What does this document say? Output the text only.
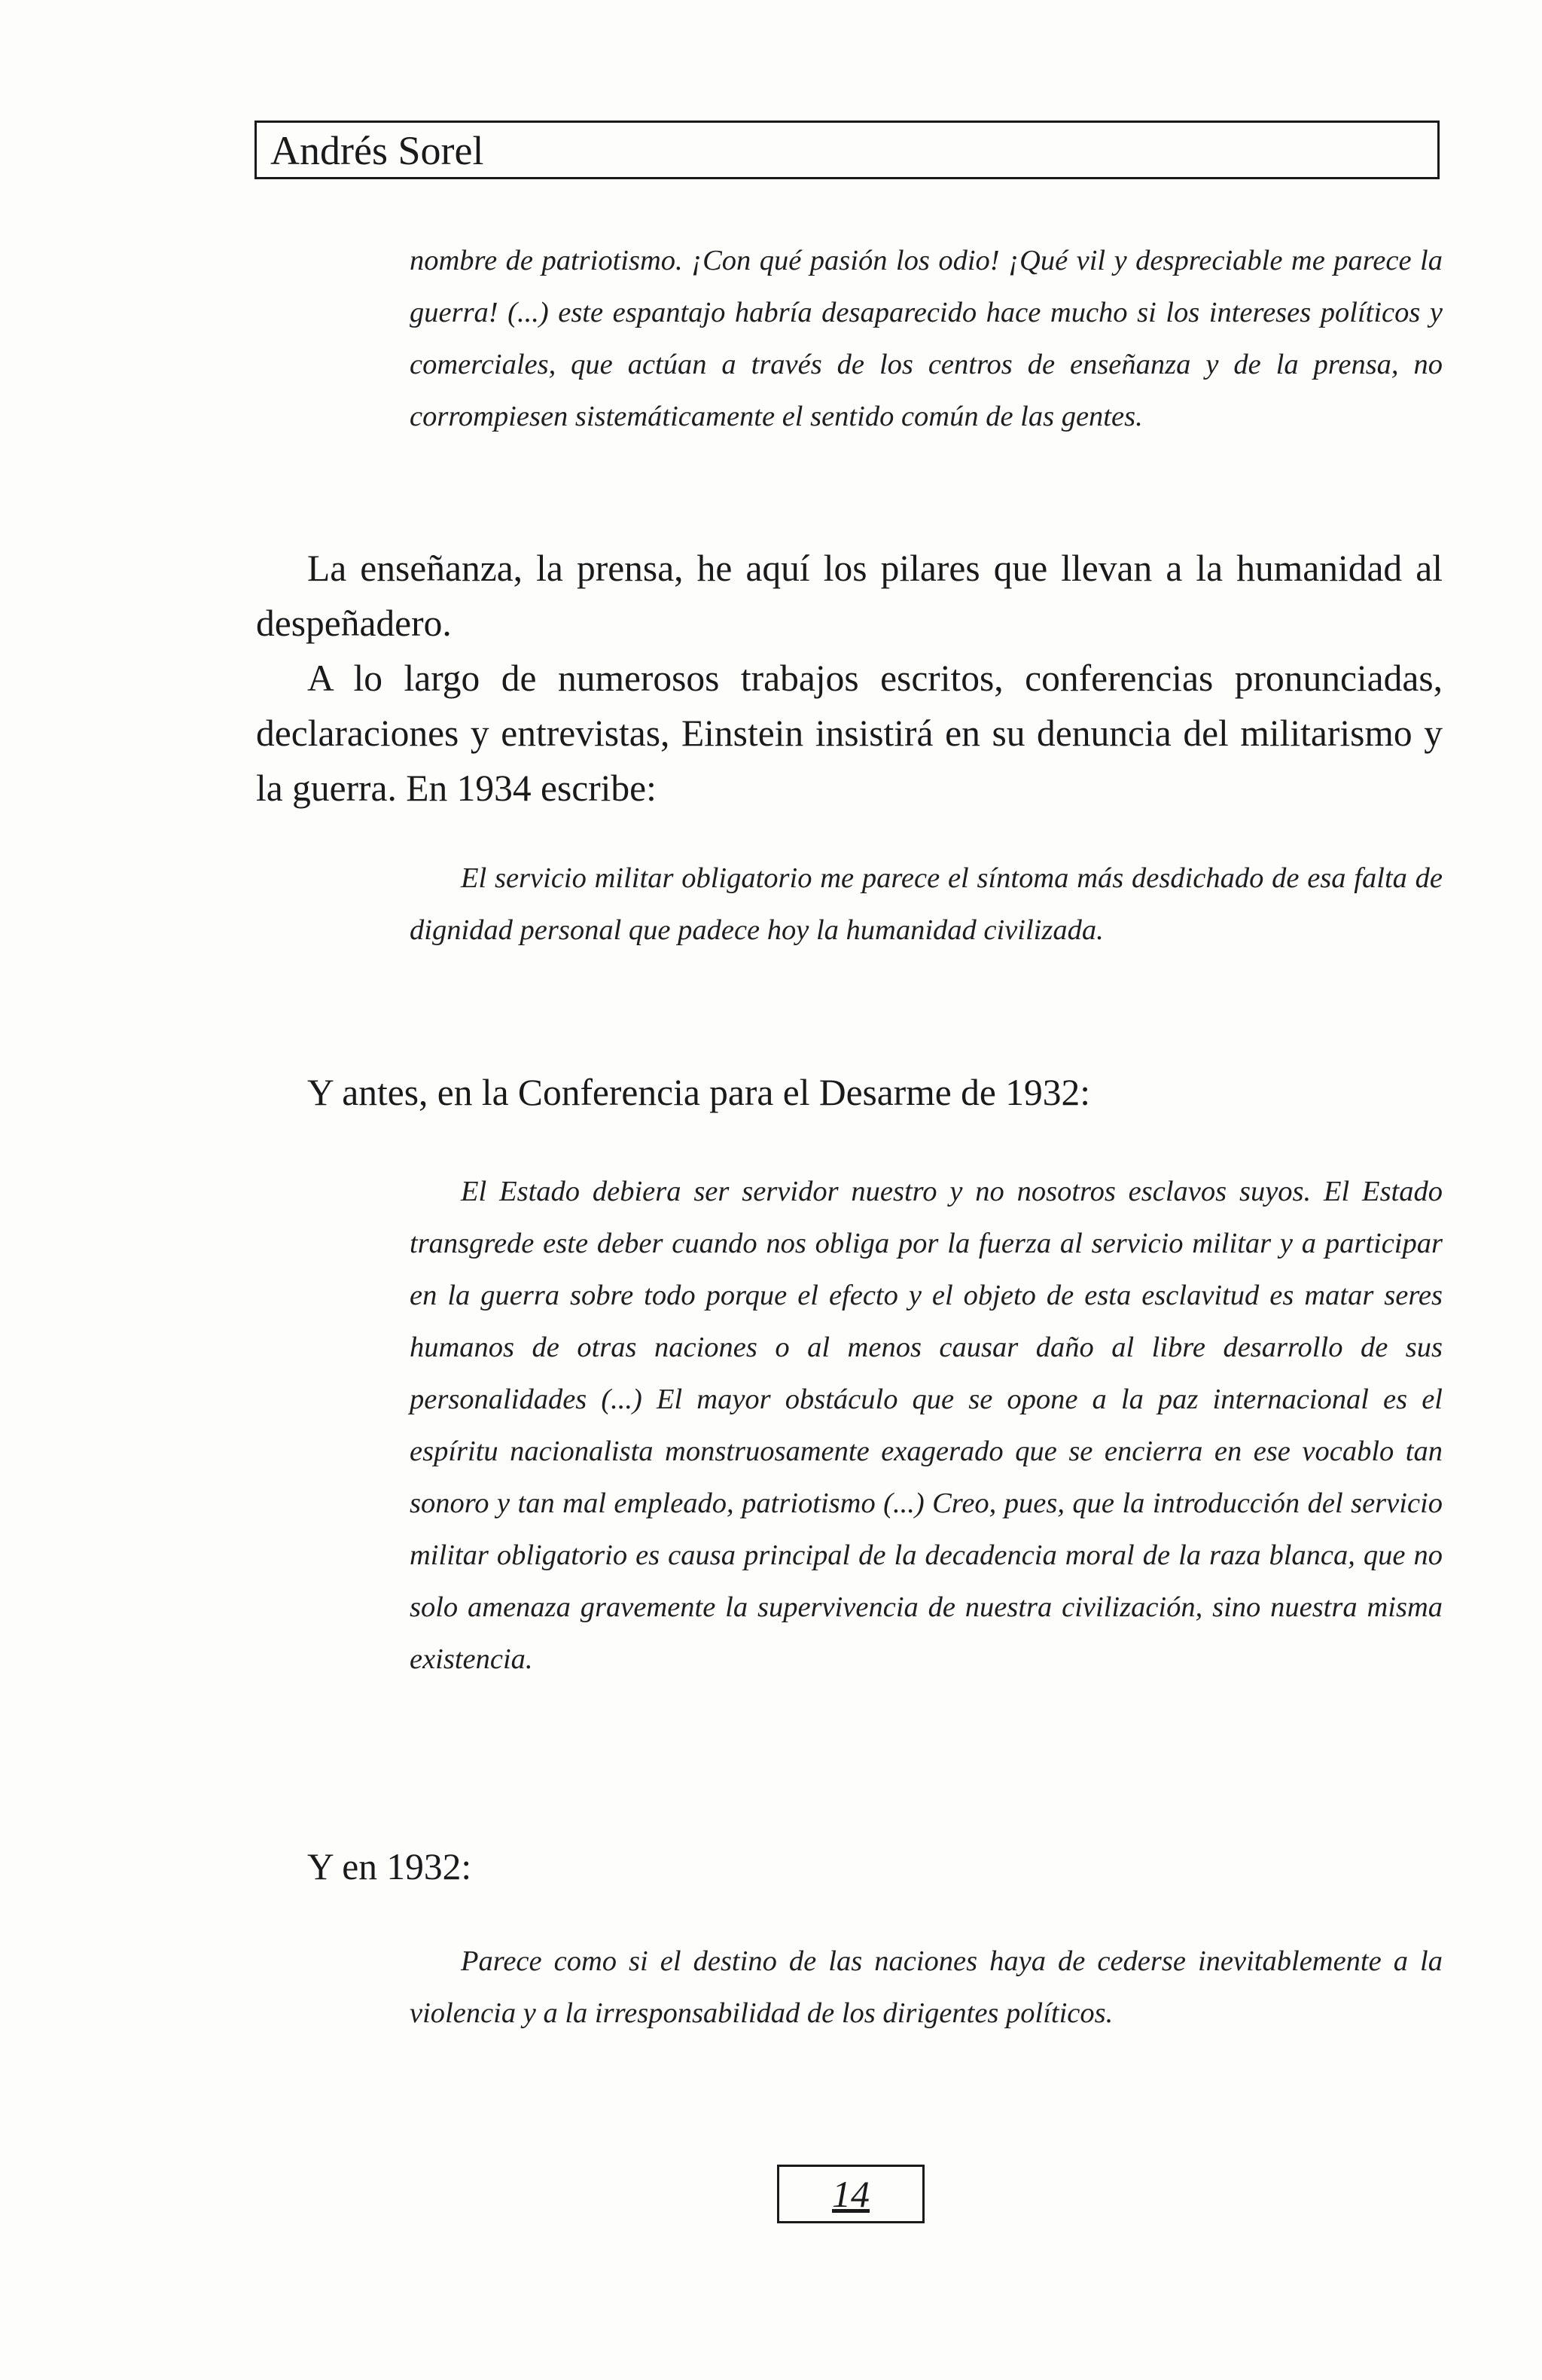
Andrés Sorel
nombre de patriotismo. ¡Con qué pasión los odio! ¡Qué vil y despreciable me parece la guerra! (...) este espantajo habría desaparecido hace mucho si los intereses políticos y comerciales, que actúan a través de los centros de enseñanza y de la prensa, no corrompiesen sistemáticamente el sentido común de las gentes.
La enseñanza, la prensa, he aquí los pilares que llevan a la humanidad al despeñadero.
A lo largo de numerosos trabajos escritos, conferencias pronunciadas, declaraciones y entrevistas, Einstein insistirá en su denuncia del militarismo y la guerra. En 1934 escribe:
El servicio militar obligatorio me parece el síntoma más desdichado de esa falta de dignidad personal que padece hoy la humanidad civilizada.
Y antes, en la Conferencia para el Desarme de 1932:
El Estado debiera ser servidor nuestro y no nosotros esclavos suyos. El Estado transgrede este deber cuando nos obliga por la fuerza al servicio militar y a participar en la guerra sobre todo porque el efecto y el objeto de esta esclavitud es matar seres humanos de otras naciones o al menos causar daño al libre desarrollo de sus personalidades (...) El mayor obstáculo que se opone a la paz internacional es el espíritu nacionalista monstruosamente exagerado que se encierra en ese vocablo tan sonoro y tan mal empleado, patriotismo (...) Creo, pues, que la introducción del servicio militar obligatorio es causa principal de la decadencia moral de la raza blanca, que no solo amenaza gravemente la supervivencia de nuestra civilización, sino nuestra misma existencia.
Y en 1932:
Parece como si el destino de las naciones haya de cederse inevitablemente a la violencia y a la irresponsabilidad de los dirigentes políticos.
14
